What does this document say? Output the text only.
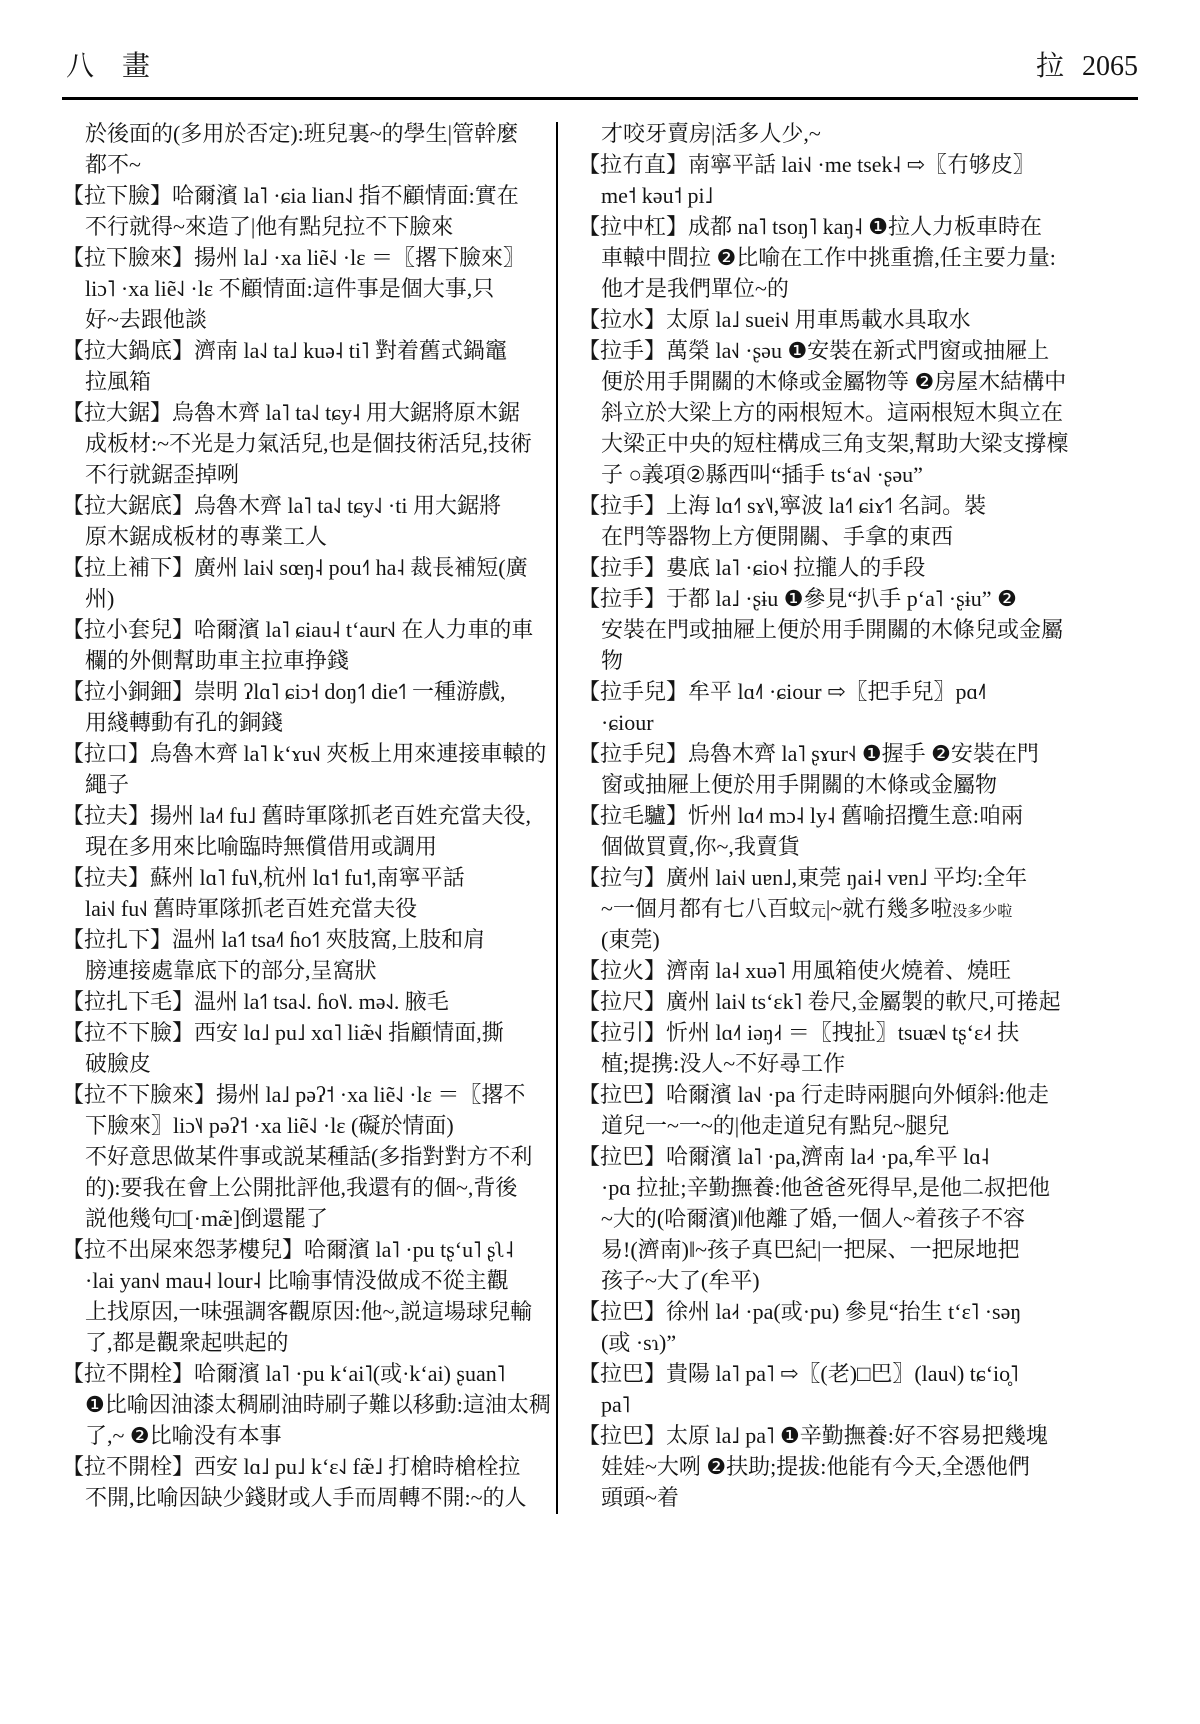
八　畫	拉 2065
於後面的(多用於否定):班兒裏~的學生|管幹麼
都不~
【拉下臉】哈爾濱 la˥ ·ɕia lian˨˩ 指不顧情面:實在
不行就得~來造了|他有點兒拉不下臉來
【拉下臉來】揚州 la˩ ·xa liẽ˨˩ ·lɛ ＝〖撂下臉來〗
liɔ˥ ·xa liẽ˨˩ ·lɛ 不顧情面:這件事是個大事,只
好~去跟他談
【拉大鍋底】濟南 la˨˩ ta˩ kuə˨ ti˥ 對着舊式鍋竈
拉風箱
【拉大鋸】烏魯木齊 la˥ ta˨˩ tɕy˨ 用大鋸將原木鋸
成板材:~不光是力氣活兒,也是個技術活兒,技術
不行就鋸歪掉咧
【拉大鋸底】烏魯木齊 la˥ ta˨˩ tɕy˨˩ ·ti 用大鋸將
原木鋸成板材的專業工人
【拉上補下】廣州 lai˧˩ sœŋ˨ pou˧˥ ha˨ 裁長補短(廣
州)
【拉小套兒】哈爾濱 la˥ ɕiau˨ tʻaur˧˩ 在人力車的車
欄的外側幫助車主拉車挣錢
【拉小銅鈿】崇明 ʔlɑ˥ ɕiɔ˧ doŋ˦˥ die˦˥ 一種游戲,
用綫轉動有孔的銅錢
【拉口】烏魯木齊 la˥ kʻɤu˧˩ 夾板上用來連接車轅的
繩子
【拉夫】揚州 la˨˦ fu˩ 舊時軍隊抓老百姓充當夫役,
現在多用來比喻臨時無償借用或調用
【拉夫】蘇州 lɑ˥ fu˥˨,杭州 lɑ˦ fu˦,南寧平話
lai˧˩ fu˧˩ 舊時軍隊抓老百姓充當夫役
【拉扎下】温州 la˦˥ tsa˨˥ ɦo˦˥ 夾肢窩,上肢和肩
膀連接處靠底下的部分,呈窩狀
【拉扎下毛】温州 la˦˥ tsa˨˩. ɦo˦˩. mə˨˩. 腋毛
【拉不下臉】西安 lɑ˩ pu˩ xɑ˥ liæ̃˧˩ 指顧情面,撕
破臉皮
【拉不下臉來】揚州 la˩ pəʔ˦ ·xa liẽ˨˩ ·lɛ ＝〖撂不
下臉來〗liɔ˥˨ pəʔ˦ ·xa liẽ˨˩ ·lɛ (礙於情面)
不好意思做某件事或説某種話(多指對對方不利
的):要我在會上公開批評他,我還有的個~,背後
説他幾句□[·mæ̃]倒還罷了
【拉不出屎來怨茅樓兒】哈爾濱 la˥ ·pu tʂʻu˥ ʂʅ˨
·lai yan˧˩ mau˨ lour˨ 比喻事情没做成不從主觀
上找原因,一味强調客觀原因:他~,説這場球兒輸
了,都是觀衆起哄起的
【拉不開栓】哈爾濱 la˥ ·pu kʻai˥(或·kʻai) ʂuan˥
❶比喻因油漆太稠刷油時刷子難以移動:這油太稠
了,~ ❷比喻没有本事
【拉不開栓】西安 lɑ˩ pu˩ kʻɛ˨˩ fæ̃˩ 打槍時槍栓拉
不開,比喻因缺少錢財或人手而周轉不開:~的人
才咬牙賣房|活多人少,~
【拉冇直】南寧平話 lai˧˩ ·me tsek˨ ⇨〖冇够皮〗
me˦ kəu˦ pi˩
【拉中杠】成都 na˥ tsoŋ˥ kaŋ˨ ❶拉人力板車時在
車轅中間拉 ❷比喻在工作中挑重擔,任主要力量:
他才是我們單位~的
【拉水】太原 la˩ suei˧˩ 用車馬載水具取水
【拉手】萬榮 la˧˩ ·ʂəu ❶安裝在新式門窗或抽屜上
便於用手開關的木條或金屬物等 ❷房屋木結構中
斜立於大梁上方的兩根短木。這兩根短木與立在
大梁正中央的短柱構成三角支架,幫助大梁支撐檁
子 ○義項②縣西叫“插手 tsʻa˧˩ ·ʂəu”
【拉手】上海 lɑ˧˥ sɤ˥˨,寧波 la˧˥ ɕiɤ˦˥ 名詞。裝
在門等器物上方便開關、手拿的東西
【拉手】婁底 la˥ ·ɕio˧˨ 拉攏人的手段
【拉手】于都 la˩ ·ʂɨu ❶參見“扒手 pʻa˥ ·ʂɨu” ❷
安裝在門或抽屜上便於用手開關的木條兒或金屬
物
【拉手兒】牟平 lɑ˨˥ ·ɕiour ⇨〖把手兒〗pɑ˨˥
·ɕiour
【拉手兒】烏魯木齊 la˥ ʂɤur˧˨ ❶握手 ❷安裝在門
窗或抽屜上便於用手開關的木條或金屬物
【拉毛驢】忻州 lɑ˨˦ mɔ˨ ly˨ 舊喻招攬生意:咱兩
個做買賣,你~,我賣貨
【拉勻】廣州 lai˧˩ uɐn˩,東莞 ŋai˨ vɐn˩ 平均:全年
~一個月都有七八百蚊元|~就冇幾多啦没多少啦
(東莞)
【拉火】濟南 la˨ xuə˥ 用風箱使火燒着、燒旺
【拉尺】廣州 lai˧˩ tsʻɛk˥ 卷尺,金屬製的軟尺,可捲起
【拉引】忻州 lɑ˨˦ iəŋ˨˧ ＝〖拽扯〗tsuæ˧˩ tʂʻɛ˨˧ 扶
植;提携:没人~不好尋工作
【拉巴】哈爾濱 la˧˩ ·pa 行走時兩腿向外傾斜:他走
道兒一~一~的|他走道兒有點兒~腿兒
【拉巴】哈爾濱 la˥ ·pa,濟南 la˨˧ ·pa,牟平 lɑ˨
·pɑ 拉扯;辛勤撫養:他爸爸死得早,是他二叔把他
~大的(哈爾濱)‖他離了婚,一個人~着孩子不容
易!(濟南)‖~孩子真巴紀|一把屎、一把尿地把
孩子~大了(牟平)
【拉巴】徐州 la˨˧ ·pa(或·pu) 參見“抬生 tʻɛ˥ ·səŋ
(或 ·sɿ)”
【拉巴】貴陽 la˥ pa˥ ⇨〖(老)□巴〗(lau˧˩) tɕʻio̥˥
pa˥
【拉巴】太原 la˩ pa˥ ❶辛勤撫養:好不容易把幾塊
娃娃~大咧 ❷扶助;提拔:他能有今天,全憑他們
頭頭~着
